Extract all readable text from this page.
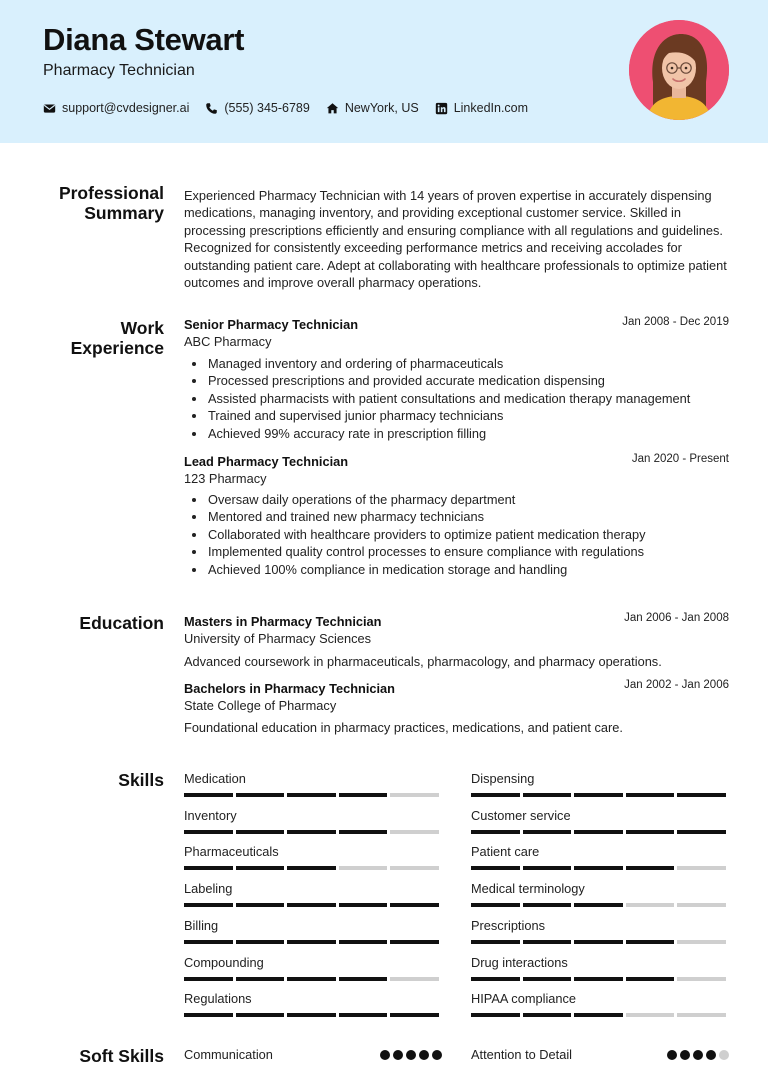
Diana Stewart
Pharmacy Technician
support@cvdesigner.ai	(555) 345-6789	NewYork, US	LinkedIn.com
Professional
Summary
Experienced Pharmacy Technician with 14 years of proven expertise in accurately dispensing medications, managing inventory, and providing exceptional customer service. Skilled in processing prescriptions efficiently and ensuring compliance with all regulations and guidelines. Recognized for consistently exceeding performance metrics and receiving accolades for outstanding patient care. Adept at collaborating with healthcare professionals to optimize patient outcomes and improve overall pharmacy operations.
Work
Experience
Senior Pharmacy Technician	Jan 2008 - Dec 2019
ABC Pharmacy
Managed inventory and ordering of pharmaceuticals
Processed prescriptions and provided accurate medication dispensing
Assisted pharmacists with patient consultations and medication therapy management
Trained and supervised junior pharmacy technicians
Achieved 99% accuracy rate in prescription filling
Lead Pharmacy Technician	Jan 2020 - Present
123 Pharmacy
Oversaw daily operations of the pharmacy department
Mentored and trained new pharmacy technicians
Collaborated with healthcare providers to optimize patient medication therapy
Implemented quality control processes to ensure compliance with regulations
Achieved 100% compliance in medication storage and handling
Education Masters in Pharmacy Technician	Jan 2006 - Jan 2008
University of Pharmacy Sciences
Advanced coursework in pharmaceuticals, pharmacology, and pharmacy operations.
Bachelors in Pharmacy Technician	Jan 2002 - Jan 2006
State College of Pharmacy
Foundational education in pharmacy practices, medications, and patient care.
Skills Medication	Dispensing
Inventory	Customer service
Pharmaceuticals	Patient care
Labeling	Medical terminology
Billing	Prescriptions
Compounding	Drug interactions
Regulations	HIPAA compliance
Soft Skills Communication	Attention to Detail
